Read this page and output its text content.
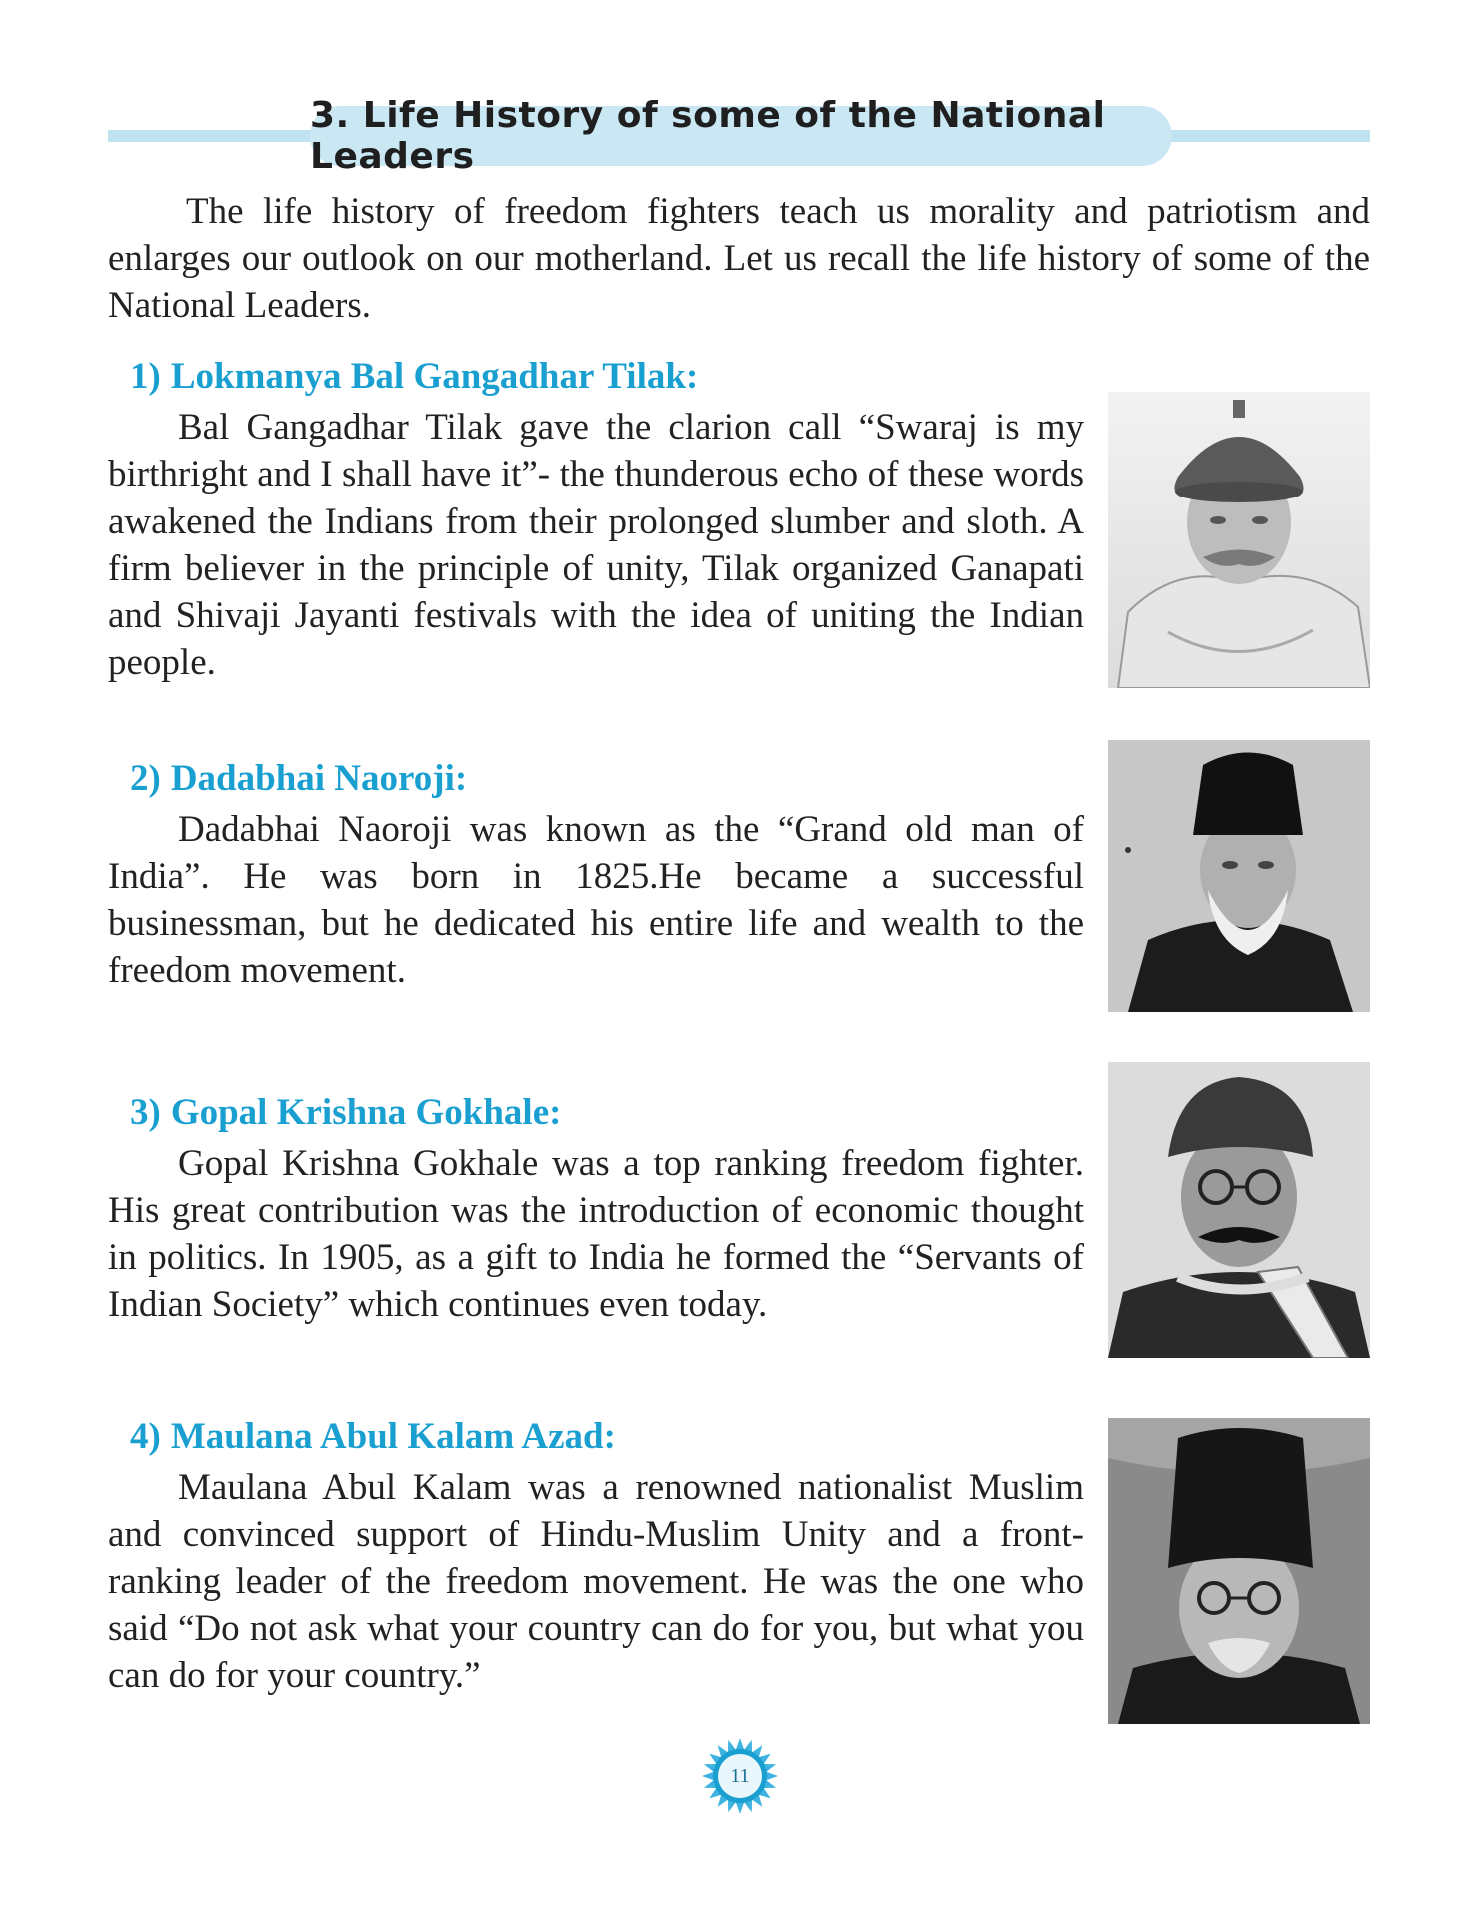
3. Life History of some of the National Leaders

The life history of freedom fighters teach us morality and patriotism and enlarges our outlook on our motherland. Let us recall the life history of some of the National Leaders.

1) Lokmanya Bal Gangadhar Tilak:

Bal Gangadhar Tilak gave the clarion call “Swaraj is my birthright and I shall have it”- the thunderous echo of these words awakened the Indians from their prolonged slumber and sloth. A firm believer in the principle of unity, Tilak organized Ganapati and Shivaji Jayanti festivals with the idea of uniting the Indian people.

2) Dadabhai Naoroji:

Dadabhai Naoroji was known as the “Grand old man of India”. He was born in 1825.He became a successful businessman, but he dedicated his entire life and wealth to the freedom movement.

3) Gopal Krishna Gokhale:

Gopal Krishna Gokhale was a top ranking freedom fighter. His great contribution was the introduction of economic thought in politics. In 1905, as a gift to India he formed the “Servants of Indian Society” which continues even today.

4) Maulana Abul Kalam Azad:

Maulana Abul Kalam was a renowned nationalist Muslim and convinced support of Hindu-Muslim Unity and a front-ranking leader of the freedom movement. He was the one who said “Do not ask what your country can do for you, but what you can do for your country.”

11
